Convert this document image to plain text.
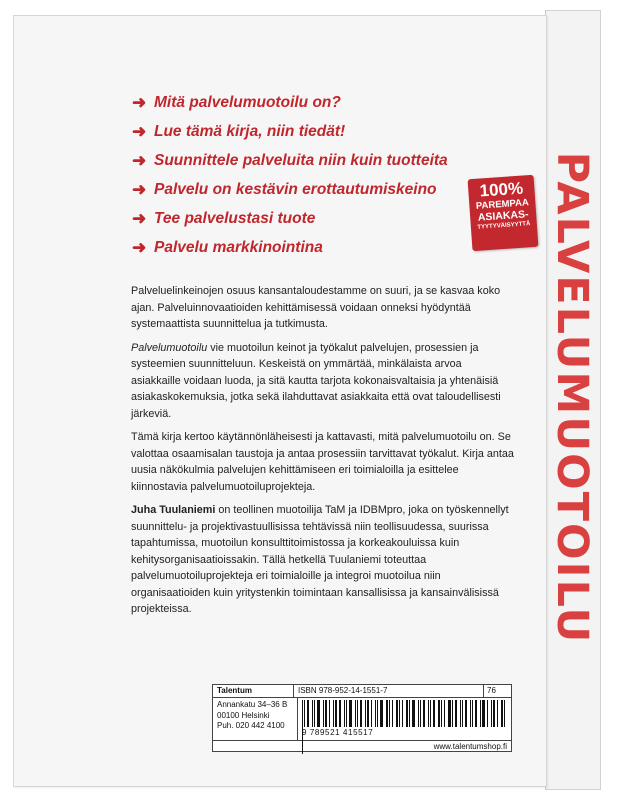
PALVELUMUOTOILU
➜ Mitä palvelumuotoilu on?
➜ Lue tämä kirja, niin tiedät!
➜ Suunnittele palveluita niin kuin tuotteita
➜ Palvelu on kestävin erottautumiskeino
➜ Tee palvelustasi tuote
➜ Palvelu markkinointina
100%
PAREMPAA
ASIAKAS-
TYYTYVÄISYYTTÄ

Palveluelinkeinojen osuus kansantaloudestamme on suuri, ja se kasvaa koko ajan. Palveluinnovaatioiden kehittämisessä voidaan onneksi hyödyntää systemaattista suunnittelua ja tutkimusta.

Palvelumuotoilu vie muotoilun keinot ja työkalut palvelujen, prosessien ja systeemien suunnitteluun. Keskeistä on ymmärtää, minkälaista arvoa asiakkaille voidaan luoda, ja sitä kautta tarjota kokonaisvaltaisia ja yhtenäisiä asiakaskokemuksia, jotka sekä ilahduttavat asiakkaita että ovat taloudellisesti järkeviä.

Tämä kirja kertoo käytännönläheisesti ja kattavasti, mitä palvelumuotoilu on. Se valottaa osaamisalan taustoja ja antaa prosessiin tarvittavat työkalut. Kirja antaa uusia näkökulmia palvelujen kehittämiseen eri toimialoilla ja esittelee kiinnostavia palvelumuotoiluprojekteja.

Juha Tuulaniemi on teollinen muotoilija TaM ja IDBMpro, joka on työskennellyt suunnittelu- ja projektivastuullisissa tehtävissä niin teollisuudessa, suurissa tapahtumissa, muotoilun konsulttitoimistossa ja korkeakouluissa kuin kehitysorganisaatioissakin. Tällä hetkellä Tuulaniemi toteuttaa palvelumuotoiluprojekteja eri toimialoille ja integroi muotoilua niin organisaatioiden kuin yritystenkin toimintaan kansallisissa ja kansainvälisissä projekteissa.

Talentum	ISBN 978-952-14-1551-7	76
Annankatu 34–36 B
00100 Helsinki
Puh. 020 442 4100
9 789521 415517
www.talentumshop.fi
